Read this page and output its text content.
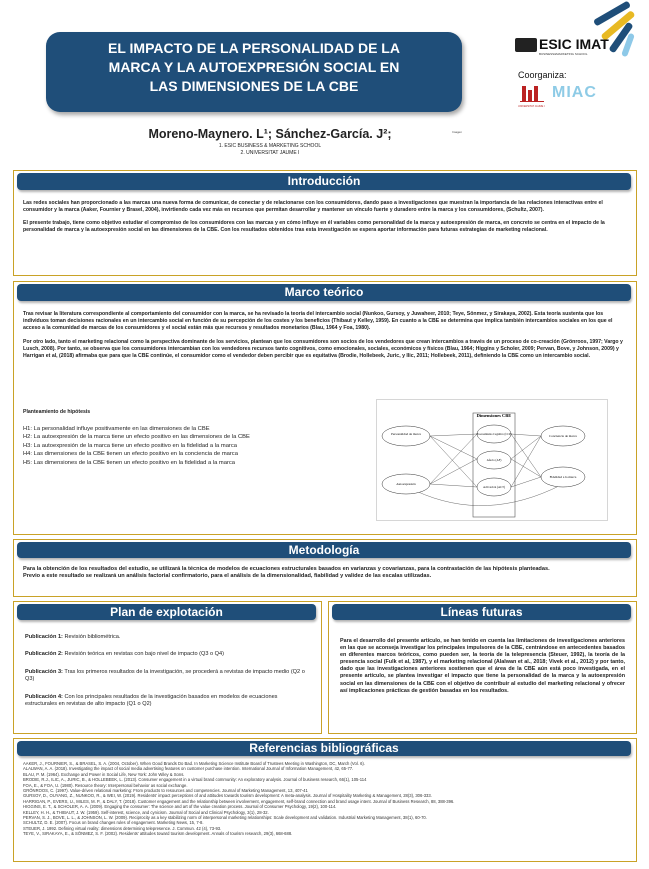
EL IMPACTO DE LA PERSONALIDAD DE LA
MARCA Y LA AUTOEXPRESIÓN SOCIAL EN
LAS DIMENSIONES DE LA CBE
Moreno-Maynero. L¹; Sánchez-García. J²;
1. ESIC BUSINESS & MARKETING SCHOOL
2. UNIVERSITAT JAUME I
Imagen
ESIC IMAT
BUSINESS&MARKETING SCHOOL
Coorganiza:
UNIVERSITAT JAUME I
MIAC
Introducción

Las redes sociales han proporcionado a las marcas una nueva forma de comunicar, de conectar y de relacionarse con los consumidores, dando paso a investigaciones que muestran la importancia de las relaciones interactivas entre el consumidor y la marca (Aaker, Fournier y Brasel, 2004), invirtiendo cada vez más en recursos que permitan desarrollar y mantener un vínculo fuerte y duradero entre la marca y los consumidores, (Schultz, 2007).

El presente trabajo, tiene como objetivo estudiar el compromiso de los consumidores con las marcas y en cómo influye en él variables como personalidad de la marca y autoexpresión de marca, en concreto se centra en el impacto de la personalidad de marca y la autoexpresión social en las dimensiones de la CBE. Con los resultados obtenidos tras esta investigación se espera aportar información para futuras estrategias de marketing relacional.

Marco teórico

Tras revisar la literatura correspondiente al comportamiento del consumidor con la marca, se ha revisado la teoría del intercambio social (Nunkoo, Gursoy, y Juwaheer, 2010; Teye, Sönmez, y Sirakaya, 2002). Esta teoría sustenta que los individuos toman decisiones racionales en un intercambio social en función de su percepción de los costes y los beneficios (Thibaut y Kelley, 1959). En cuanto a la CBE se determina que implica también intercambios sociales en los que el acceso a la comunidad de marcas de los consumidores y el social están más que recursos y resultados monetarios (Blau, 1964 y Foa, 1980).

Por otro lado, tanto el marketing relacional como la perspectiva dominante de los servicios, plantean que los consumidores son socios de los vendedores que crean intercambios a través de un proceso de co-creación (Grönroos, 1997; Vargo y Lusch, 2008). Por tanto, se observa que los consumidores intercambian con los vendedores recursos tanto cognitivos, como emocionales, sociales, económicos y físicos (Blau, 1964; Higgins y Scholer, 2009; Pervan, Bove, y Johnson, 2009) y Harrigan et al, (2018) afirmaba que para que la CBE continúe, el consumidor como el vendedor deben percibir que es equitativa (Brodie, Hollebeek, Juric, y Ilic, 2011; Hollebeek, 2011), definiendo la CBE como un intercambio social.

Planteamiento de hipótesis
H1: La personalidad influye positivamente en las dimensiones de la CBE
H2: La autoexpresión de la marca tiene un efecto positivo en las dimensiones de la CBE
H3: La autoexpresión de la marca tiene un efecto positivo en la fidelidad a la marca
H4: Las dimensiones de la CBE tienen un efecto positivo en la conciencia de marca
H5: Las dimensiones de la CBE tienen un efecto positivo en la fidelidad a la marca
Dimensiones CBE
Personalidad de marca
Autoexpresión
Procesamiento Cognitivo (CCP)
Afecto (AF)
Activación (ACT)
Conciencia de marca
Fidelidad a la marca
Metodología

Para la obtención de los resultados del estudio, se utilizará la técnica de modelos de ecuaciones estructurales basados en varianzas y covarianzas, para la contrastación de las hipótesis planteadas.

Previo a este resultado se realizará un análisis factorial confirmatorio, para el análisis de la dimensionalidad, fiabilidad y validez de las escalas utilizadas.

Plan de explotación
Publicación 1: Revisión bibliométrica.
Publicación 2: Revisión teórica en revistas con bajo nivel de impacto (Q3 o Q4)
Publicación 3: Tras los primeros resultados de la investigación, se procederá a revistas de impacto medio (Q2 o Q3)
Publicación 4: Con los principales resultados de la investigación basados en modelos de ecuaciones estructurales en revistas de alto impacto (Q1 o Q2)
Líneas futuras
Para el desarrollo del presente artículo, se han tenido en cuenta las limitaciones de investigaciones anteriores en las que se aconseja investigar los principales impulsores de la CBE, centrándose en antecedentes basados en diferentes marcos teóricos, como pueden ser, la teoría de la telepresencia (Steuer, 1992), la teoría de la presencia social (Fulk et al, 1987), y el marketing relacional (Alalwan et al., 2018; Vivek et al., 2012) y por tanto, dado que las investigaciones anteriores sostienen que el área de la CBE aún está poco investigada, en el presente artículo, se plantea investigar el impacto que tiene la personalidad de la marca y la autoexpresión social en las dimensiones de la CBE con el objetivo de contribuir al estudio del marketing relacional y ofrecer así implicaciones prácticas de gestión basadas en los resultados.
Referencias bibliográficas
AAKER, J., FOURNIER, S., & BRASEL, S. A. (2004, October). When Good Brands Do Bad. In Marketing Science Institute Board of Trustees Meeting in Washington, DC, March (Vol. 6).
ALALWAN, A. A. (2018). Investigating the impact of social media advertising features on customer purchase intention. International Journal of Information Management, 42, 65-77.
BLAU, P. M. (1964). Exchange and Power in Social Life, New York: John Wiley & Sons.
BRODIE, R.J., ILIC, A., JURIC, B., & HOLLEBEEK, L. (2013). Consumer engagement in a virtual brand community: An exploratory analysis. Journal of business research, 66(1), 105-114
FOA, E., & FOA, U. (1980). Resource theory: Interpersonal behavior as social exchange.
GRÖNROOS, C. (1997). Value-driven relational marketing: From products to resources and competencies. Journal of Marketing Management, 13, 407-41
GURSOY, D., OUYANG, Z., NUNKOO, R., & WEI, W. (2019). Residents' impact perceptions of and attitudes towards tourism development: A meta-analysis. Journal of Hospitality Marketing & Management, 28(3), 306-333.
HARRIGAN, P., EVERS, U., MILES, M. P., & DALY, T. (2018). Customer engagement and the relationship between involvement, engagement, self-brand connection and brand usage intent. Journal of Business Research, 88, 388-396.
HIGGINS, E. T., & SCHOLER, A. A. (2009). Engaging the consumer: The science and art of the value creation process. Journal of Consumer Psychology, 19(2), 100-114.
KELLEY, H. H., & THIBAUT, J. W. (1959). Self-interest, science, and cynicism. Journal of Social and Clinical Psychology, 3(1), 28-32.
PERVAN, S. J., BOVE, L. L., & JOHNSON, L. W. (2009). Reciprocity as a key stabilizing norm of interpersonal marketing relationships: Scale development and validation. Industrial Marketing Management, 38(1), 60-70.
SCHULTZ, D. E. (2007). Focus on brand changes rules of engagement. Marketing News, 15, 7-8.
STEUER, J. 1992. Defining virtual reality: dimensions determining telepresence. J. Commun. 42 (4), 73-93.
TEYE, V., SIRAKAYA, E., & SÖNMEZ, S. F. (2002). Residents' attitudes toward tourism development. Annals of tourism research, 29(3), 668-688.
